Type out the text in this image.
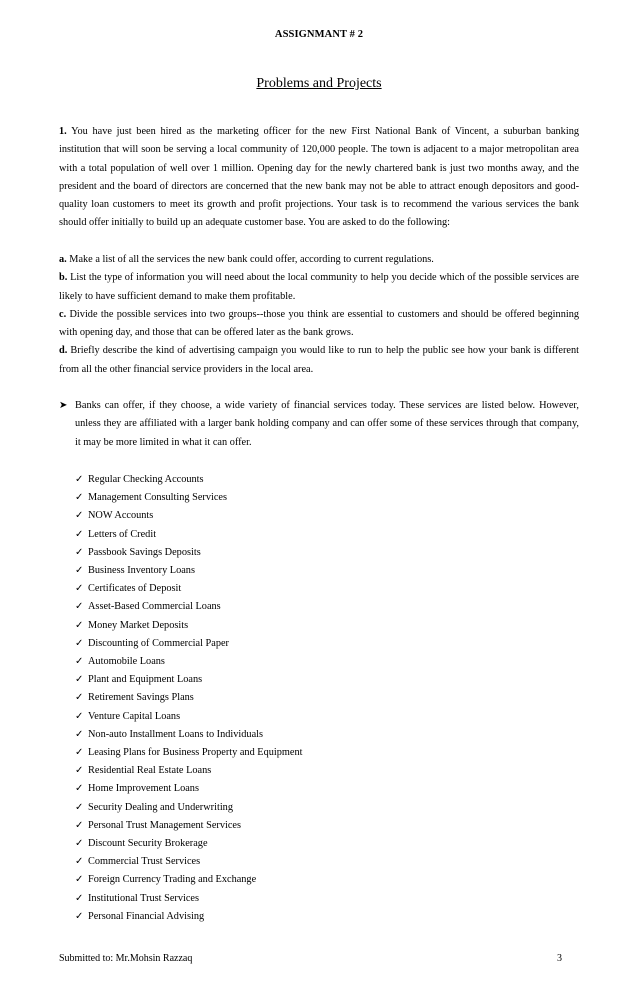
ASSIGNMANT # 2
Problems and Projects
1. You have just been hired as the marketing officer for the new First National Bank of Vincent, a suburban banking institution that will soon be serving a local community of 120,000 people. The town is adjacent to a major metropolitan area with a total population of well over 1 million. Opening day for the newly chartered bank is just two months away, and the president and the board of directors are concerned that the new bank may not be able to attract enough depositors and good-quality loan customers to meet its growth and profit projections. Your task is to recommend the various services the bank should offer initially to build up an adequate customer base. You are asked to do the following:

a. Make a list of all the services the new bank could offer, according to current regulations.

b. List the type of information you will need about the local community to help you decide which of the possible services are likely to have sufficient demand to make them profitable.

c. Divide the possible services into two groups--those you think are essential to customers and should be offered beginning with opening day, and those that can be offered later as the bank grows.

d. Briefly describe the kind of advertising campaign you would like to run to help the public see how your bank is different from all the other financial service providers in the local area.

➤ Banks can offer, if they choose, a wide variety of financial services today. These services are listed below. However, unless they are affiliated with a larger bank holding company and can offer some of these services through that company, it may be more limited in what it can offer.
✓ Regular Checking Accounts
✓ Management Consulting Services
✓ NOW Accounts
✓ Letters of Credit
✓ Passbook Savings Deposits
✓ Business Inventory Loans
✓ Certificates of Deposit
✓ Asset-Based Commercial Loans
✓ Money Market Deposits
✓ Discounting of Commercial Paper
✓ Automobile Loans
✓ Plant and Equipment Loans
✓ Retirement Savings Plans
✓ Venture Capital Loans
✓ Non-auto Installment Loans to Individuals
✓ Leasing Plans for Business Property and Equipment
✓ Residential Real Estate Loans
✓ Home Improvement Loans
✓ Security Dealing and Underwriting
✓ Personal Trust Management Services
✓ Discount Security Brokerage
✓ Commercial Trust Services
✓ Foreign Currency Trading and Exchange
✓ Institutional Trust Services
✓ Personal Financial Advising
Submitted to: Mr.Mohsin Razzaq	3
